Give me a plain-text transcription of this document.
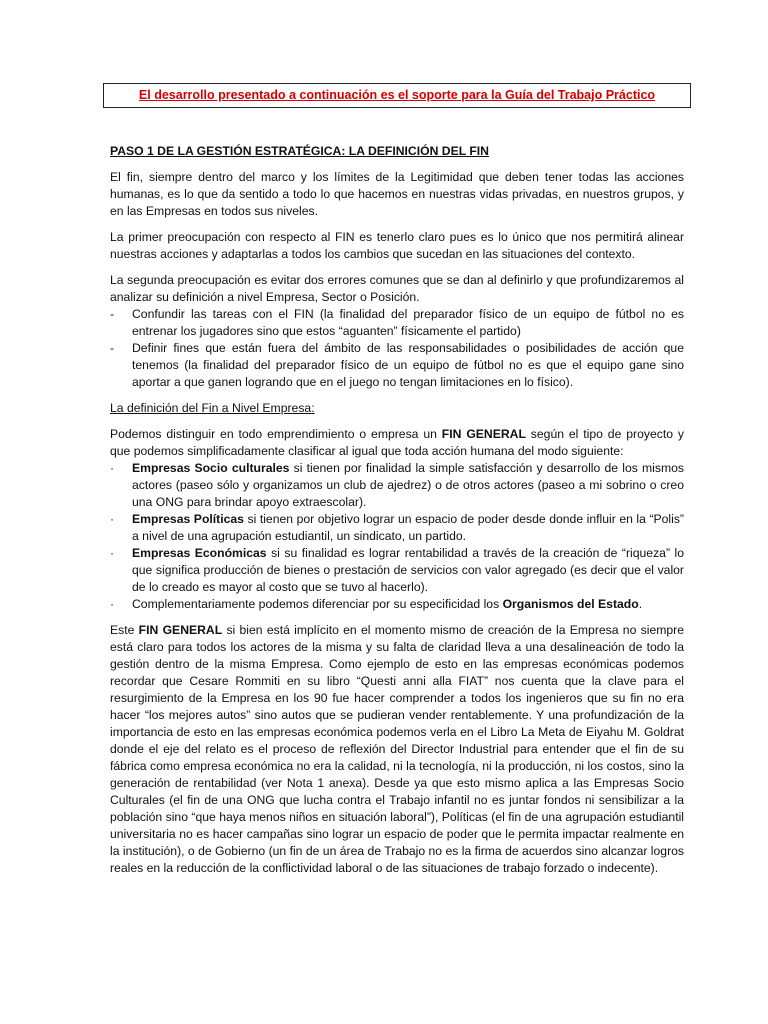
El desarrollo presentado a continuación es el soporte para la Guía del Trabajo Práctico
PASO 1 DE LA GESTIÓN ESTRATÉGICA: LA DEFINICIÓN DEL FIN

El fin, siempre dentro del marco y los límites de la Legitimidad que deben tener todas las acciones humanas, es lo que da sentido a todo lo que hacemos en nuestras vidas privadas, en nuestros grupos, y en las Empresas en todos sus niveles.

La primer preocupación con respecto al FIN es tenerlo claro pues es lo único que nos permitirá alinear nuestras acciones y adaptarlas a todos los cambios que sucedan en las situaciones del contexto.

La segunda preocupación es evitar dos errores comunes que se dan al definirlo y que profundizaremos al analizar su definición a nivel Empresa, Sector o Posición.

- Confundir las tareas con el FIN (la finalidad del preparador físico de un equipo de fútbol no es entrenar los jugadores sino que estos “aguanten” físicamente el partido)
- Definir fines que están fuera del ámbito de las responsabilidades o posibilidades de acción que tenemos (la finalidad del preparador físico de un equipo de fútbol no es que el equipo gane sino aportar a que ganen logrando que en el juego no tengan limitaciones en lo físico).
La definición del Fin a Nivel Empresa:

Podemos distinguir en todo emprendimiento o empresa un FIN GENERAL según el tipo de proyecto y que podemos simplificadamente clasificar al igual que toda acción humana del modo siguiente:

· Empresas Socio culturales si tienen por finalidad la simple satisfacción y desarrollo de los mismos actores (paseo sólo y organizamos un club de ajedrez) o de otros actores (paseo a mi sobrino o creo una ONG para brindar apoyo extraescolar).
· Empresas Políticas si tienen por objetivo lograr un espacio de poder desde donde influir en la “Polis” a nivel de una agrupación estudiantil, un sindicato, un partido.
· Empresas Económicas si su finalidad es lograr rentabilidad a través de la creación de “riqueza” lo que significa producción de bienes o prestación de servicios con valor agregado (es decir que el valor de lo creado es mayor al costo que se tuvo al hacerlo).
· Complementariamente podemos diferenciar por su especificidad los Organismos del Estado.

Este FIN GENERAL si bien está implícito en el momento mismo de creación de la Empresa no siempre está claro para todos los actores de la misma y su falta de claridad lleva a una desalineación de todo la gestión dentro de la misma Empresa. Como ejemplo de esto en las empresas económicas podemos recordar que Cesare Rommiti en su libro “Questi anni alla FIAT” nos cuenta que la clave para el resurgimiento de la Empresa en los 90 fue hacer comprender a todos los ingenieros que su fin no era hacer “los mejores autos” sino autos que se pudieran vender rentablemente. Y una profundización de la importancia de esto en las empresas económica podemos verla en el Libro La Meta de Eiyahu M. Goldrat donde el eje del relato es el proceso de reflexión del Director Industrial para entender que el fin de su fábrica como empresa económica no era la calidad, ni la tecnología, ni la producción, ni los costos, sino la generación de rentabilidad (ver Nota 1 anexa). Desde ya que esto mismo aplica a las Empresas Socio Culturales (el fin de una ONG que lucha contra el Trabajo infantil no es juntar fondos ni sensibilizar a la población sino “que haya menos niños en situación laboral”), Políticas (el fin de una agrupación estudiantil universitaria no es hacer campañas sino lograr un espacio de poder que le permita impactar realmente en la institución), o de Gobierno (un fin de un área de Trabajo no es la firma de acuerdos sino alcanzar logros reales en la reducción de la conflictividad laboral o de las situaciones de trabajo forzado o indecente).
